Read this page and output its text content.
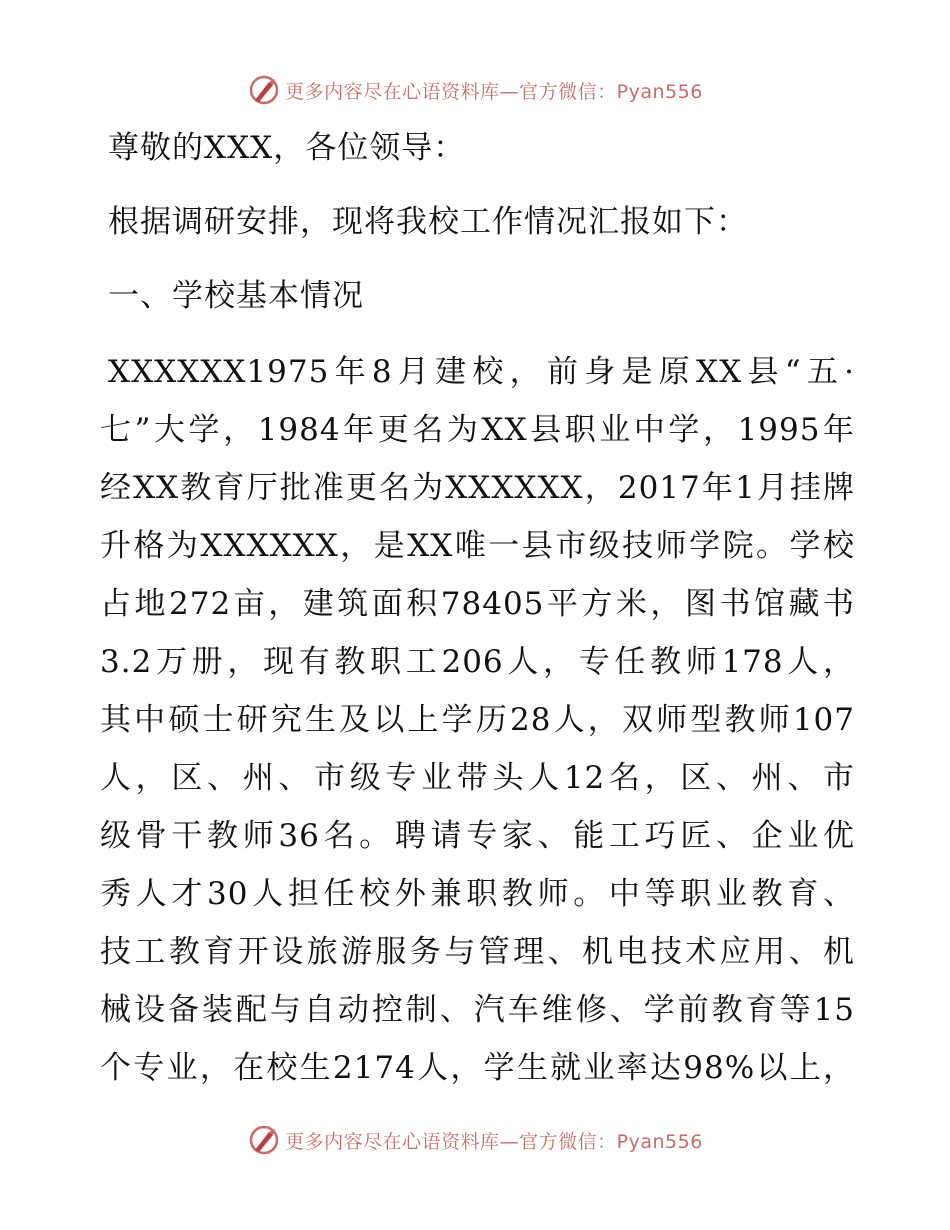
更多内容尽在心语资料库—官方微信：Pyan556
尊敬的XXX，各位领导：
根据调研安排，现将我校工作情况汇报如下：
一、学校基本情况
XXXXXX1975年8月建校，前身是原XX县“五·
七”大学，1984年更名为XX县职业中学，1995年
经XX教育厅批准更名为XXXXXX，2017年1月挂牌
升格为XXXXXX，是XX唯一县市级技师学院。学校
占地272亩，建筑面积78405平方米，图书馆藏书
3.2万册，现有教职工206人，专任教师178人，
其中硕士研究生及以上学历28人，双师型教师107
人，区、州、市级专业带头人12名，区、州、市
级骨干教师36名。聘请专家、能工巧匠、企业优
秀人才30人担任校外兼职教师。中等职业教育、
技工教育开设旅游服务与管理、机电技术应用、机
械设备装配与自动控制、汽车维修、学前教育等15
个专业，在校生2174人，学生就业率达98%以上，
更多内容尽在心语资料库—官方微信：Pyan556
